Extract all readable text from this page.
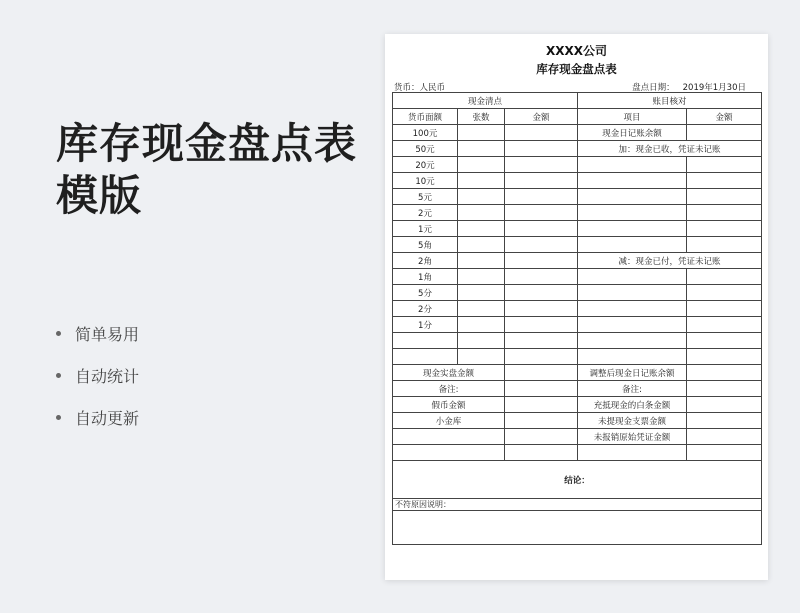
库存现金盘点表模版
简单易用
自动统计
自动更新
XXXX公司
库存现金盘点表
货币：人民币	盘点日期： 2019年1月30日
现金清点			账目核对	
货币面额	张数	金额	项目	金额
100元			现金日记账余额	
50元			加：现金已收，凭证未记账	
20元				
10元				
5元				
2元				
1元				
5角				
2角			减：现金已付，凭证未记账	
1角				
5分				
2分				
1分				

现金实盘金额			调整后现金日记账余额	
备注:			备注:	
假币金额			充抵现金的白条金额	
小金库			未提现金支票金额	
			未报销原始凭证金额	

结论：				
不符原因说明：				
